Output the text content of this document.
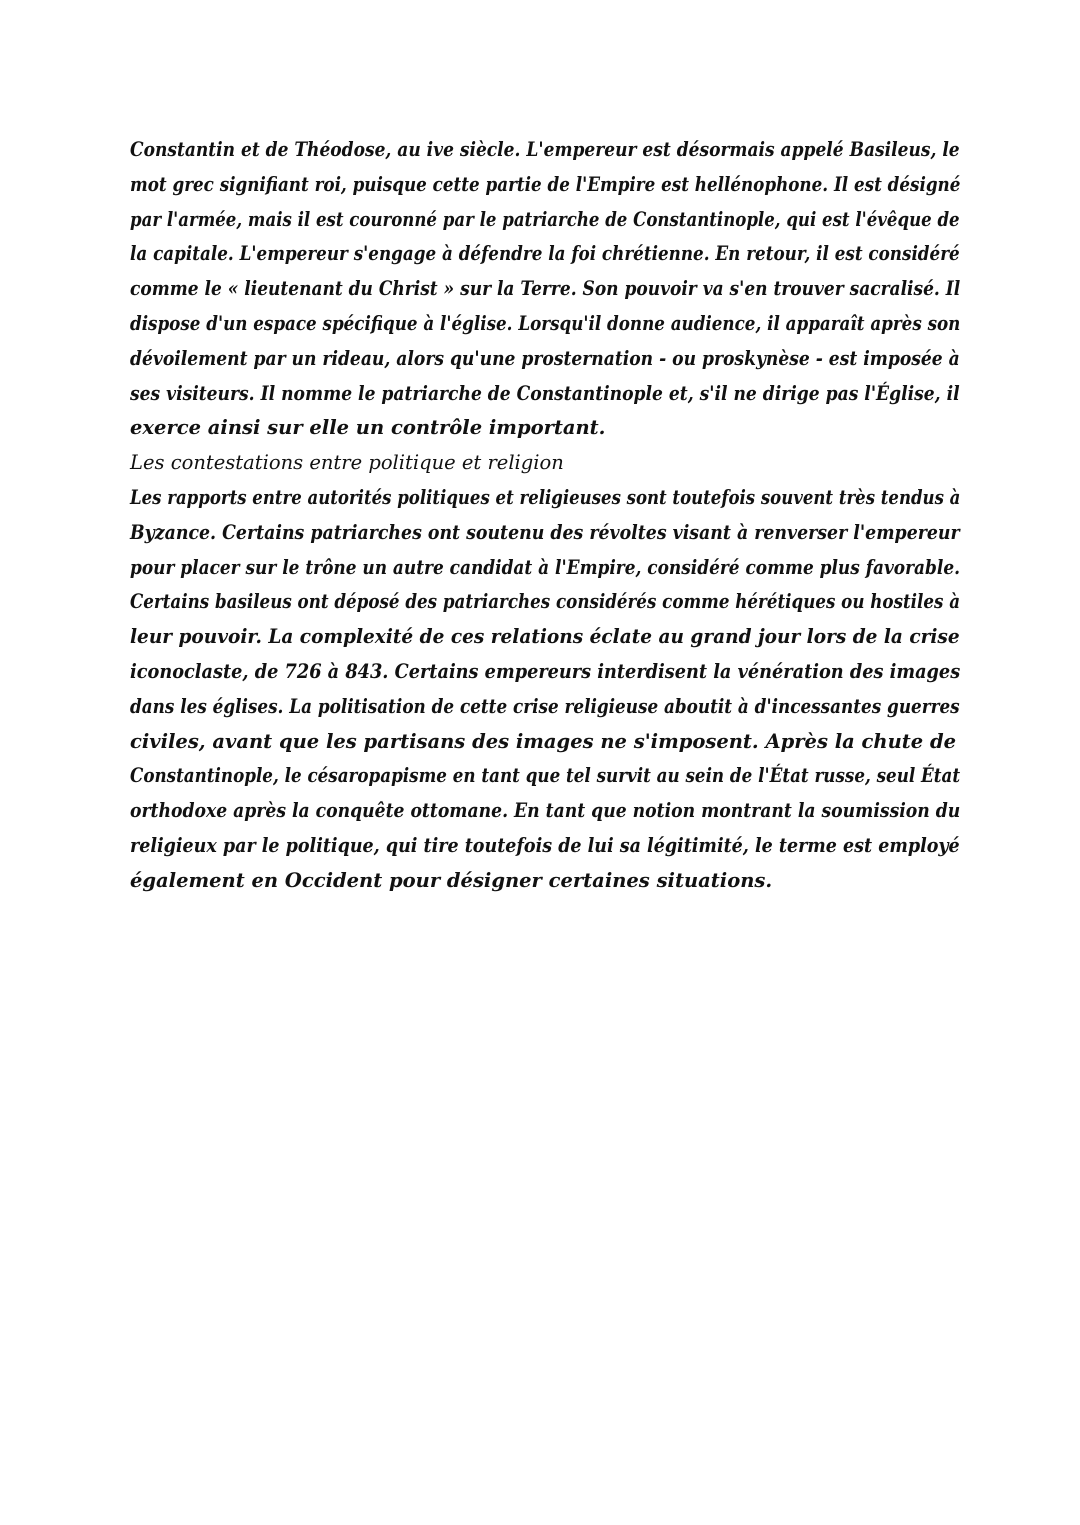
Constantin et de Théodose, au ive siècle. L'empereur est désormais appelé Basileus, le
mot grec signifiant roi, puisque cette partie de l'Empire est hellénophone. Il est désigné
par l'armée, mais il est couronné par le patriarche de Constantinople, qui est l'évêque de
la capitale. L'empereur s'engage à défendre la foi chrétienne. En retour, il est considéré
comme le « lieutenant du Christ » sur la Terre. Son pouvoir va s'en trouver sacralisé. Il
dispose d'un espace spécifique à l'église. Lorsqu'il donne audience, il apparaît après son
dévoilement par un rideau, alors qu'une prosternation - ou proskynèse - est imposée à
ses visiteurs. Il nomme le patriarche de Constantinople et, s'il ne dirige pas l'Église, il
exerce ainsi sur elle un contrôle important.
Les contestations entre politique et religion
Les rapports entre autorités politiques et religieuses sont toutefois souvent très tendus à
Byzance. Certains patriarches ont soutenu des révoltes visant à renverser l'empereur
pour placer sur le trône un autre candidat à l'Empire, considéré comme plus favorable.
Certains basileus ont déposé des patriarches considérés comme hérétiques ou hostiles à
leur pouvoir. La complexité de ces relations éclate au grand jour lors de la crise
iconoclaste, de 726 à 843. Certains empereurs interdisent la vénération des images
dans les églises. La politisation de cette crise religieuse aboutit à d'incessantes guerres
civiles, avant que les partisans des images ne s'imposent. Après la chute de
Constantinople, le césaropapisme en tant que tel survit au sein de l'État russe, seul État
orthodoxe après la conquête ottomane. En tant que notion montrant la soumission du
religieux par le politique, qui tire toutefois de lui sa légitimité, le terme est employé
également en Occident pour désigner certaines situations.
